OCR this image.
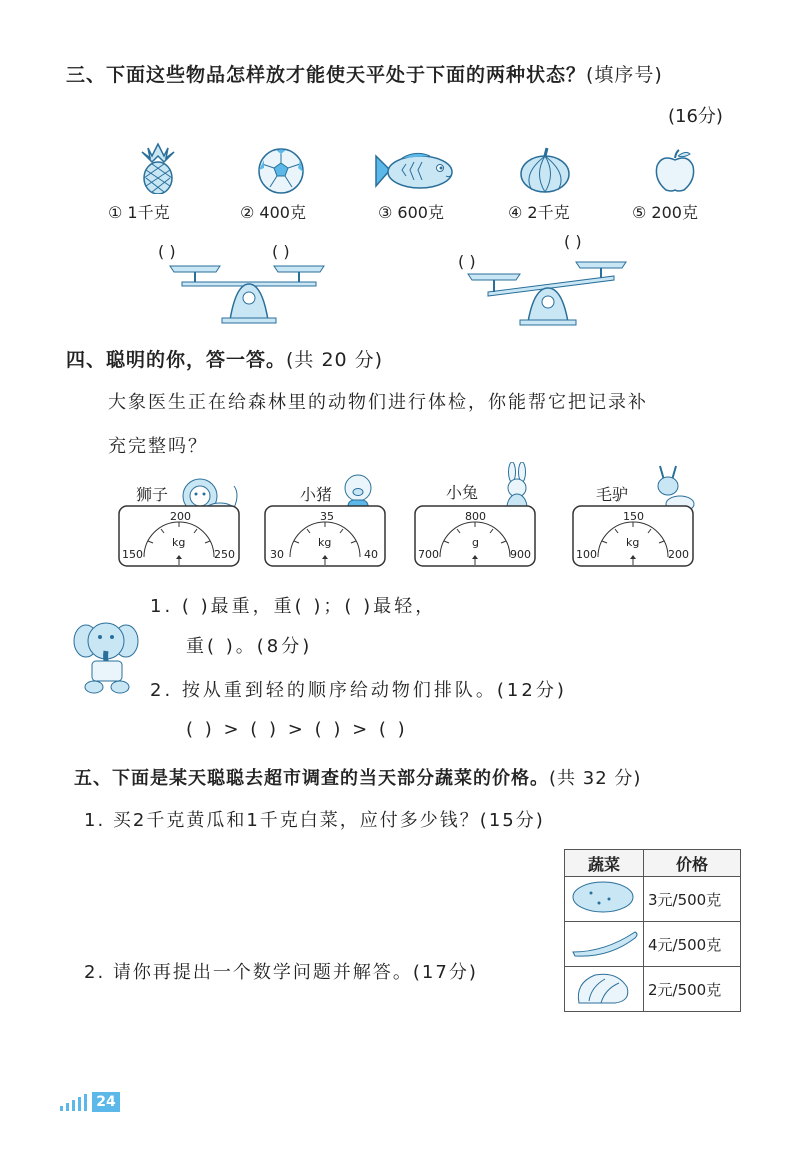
三、下面这些物品怎样放才能使天平处于下面的两种状态？(填序号)
(16分)
① 1千克	② 400克	③ 600克	④ 2千克	⑤ 200克
( )	( )
( )
( )
四、聪明的你，答一答。(共 20 分)
大象医生正在给森林里的动物们进行体检，你能帮它把记录补
充完整吗？
狮子	小猪	小兔	毛驴
200
150	250
kg
35
30	40
kg
800
700	900
g
150
100	200
kg
1. ( )最重，重( )；( )最轻，
重( )。(8分)
2. 按从重到轻的顺序给动物们排队。(12分)
( ) > ( ) > ( ) > ( )
五、下面是某天聪聪去超市调查的当天部分蔬菜的价格。(共 32 分)
1. 买2千克黄瓜和1千克白菜，应付多少钱？(15分)
2. 请你再提出一个数学问题并解答。(17分)
蔬菜	价格
	3元/500克
	4元/500克
	2元/500克
24
